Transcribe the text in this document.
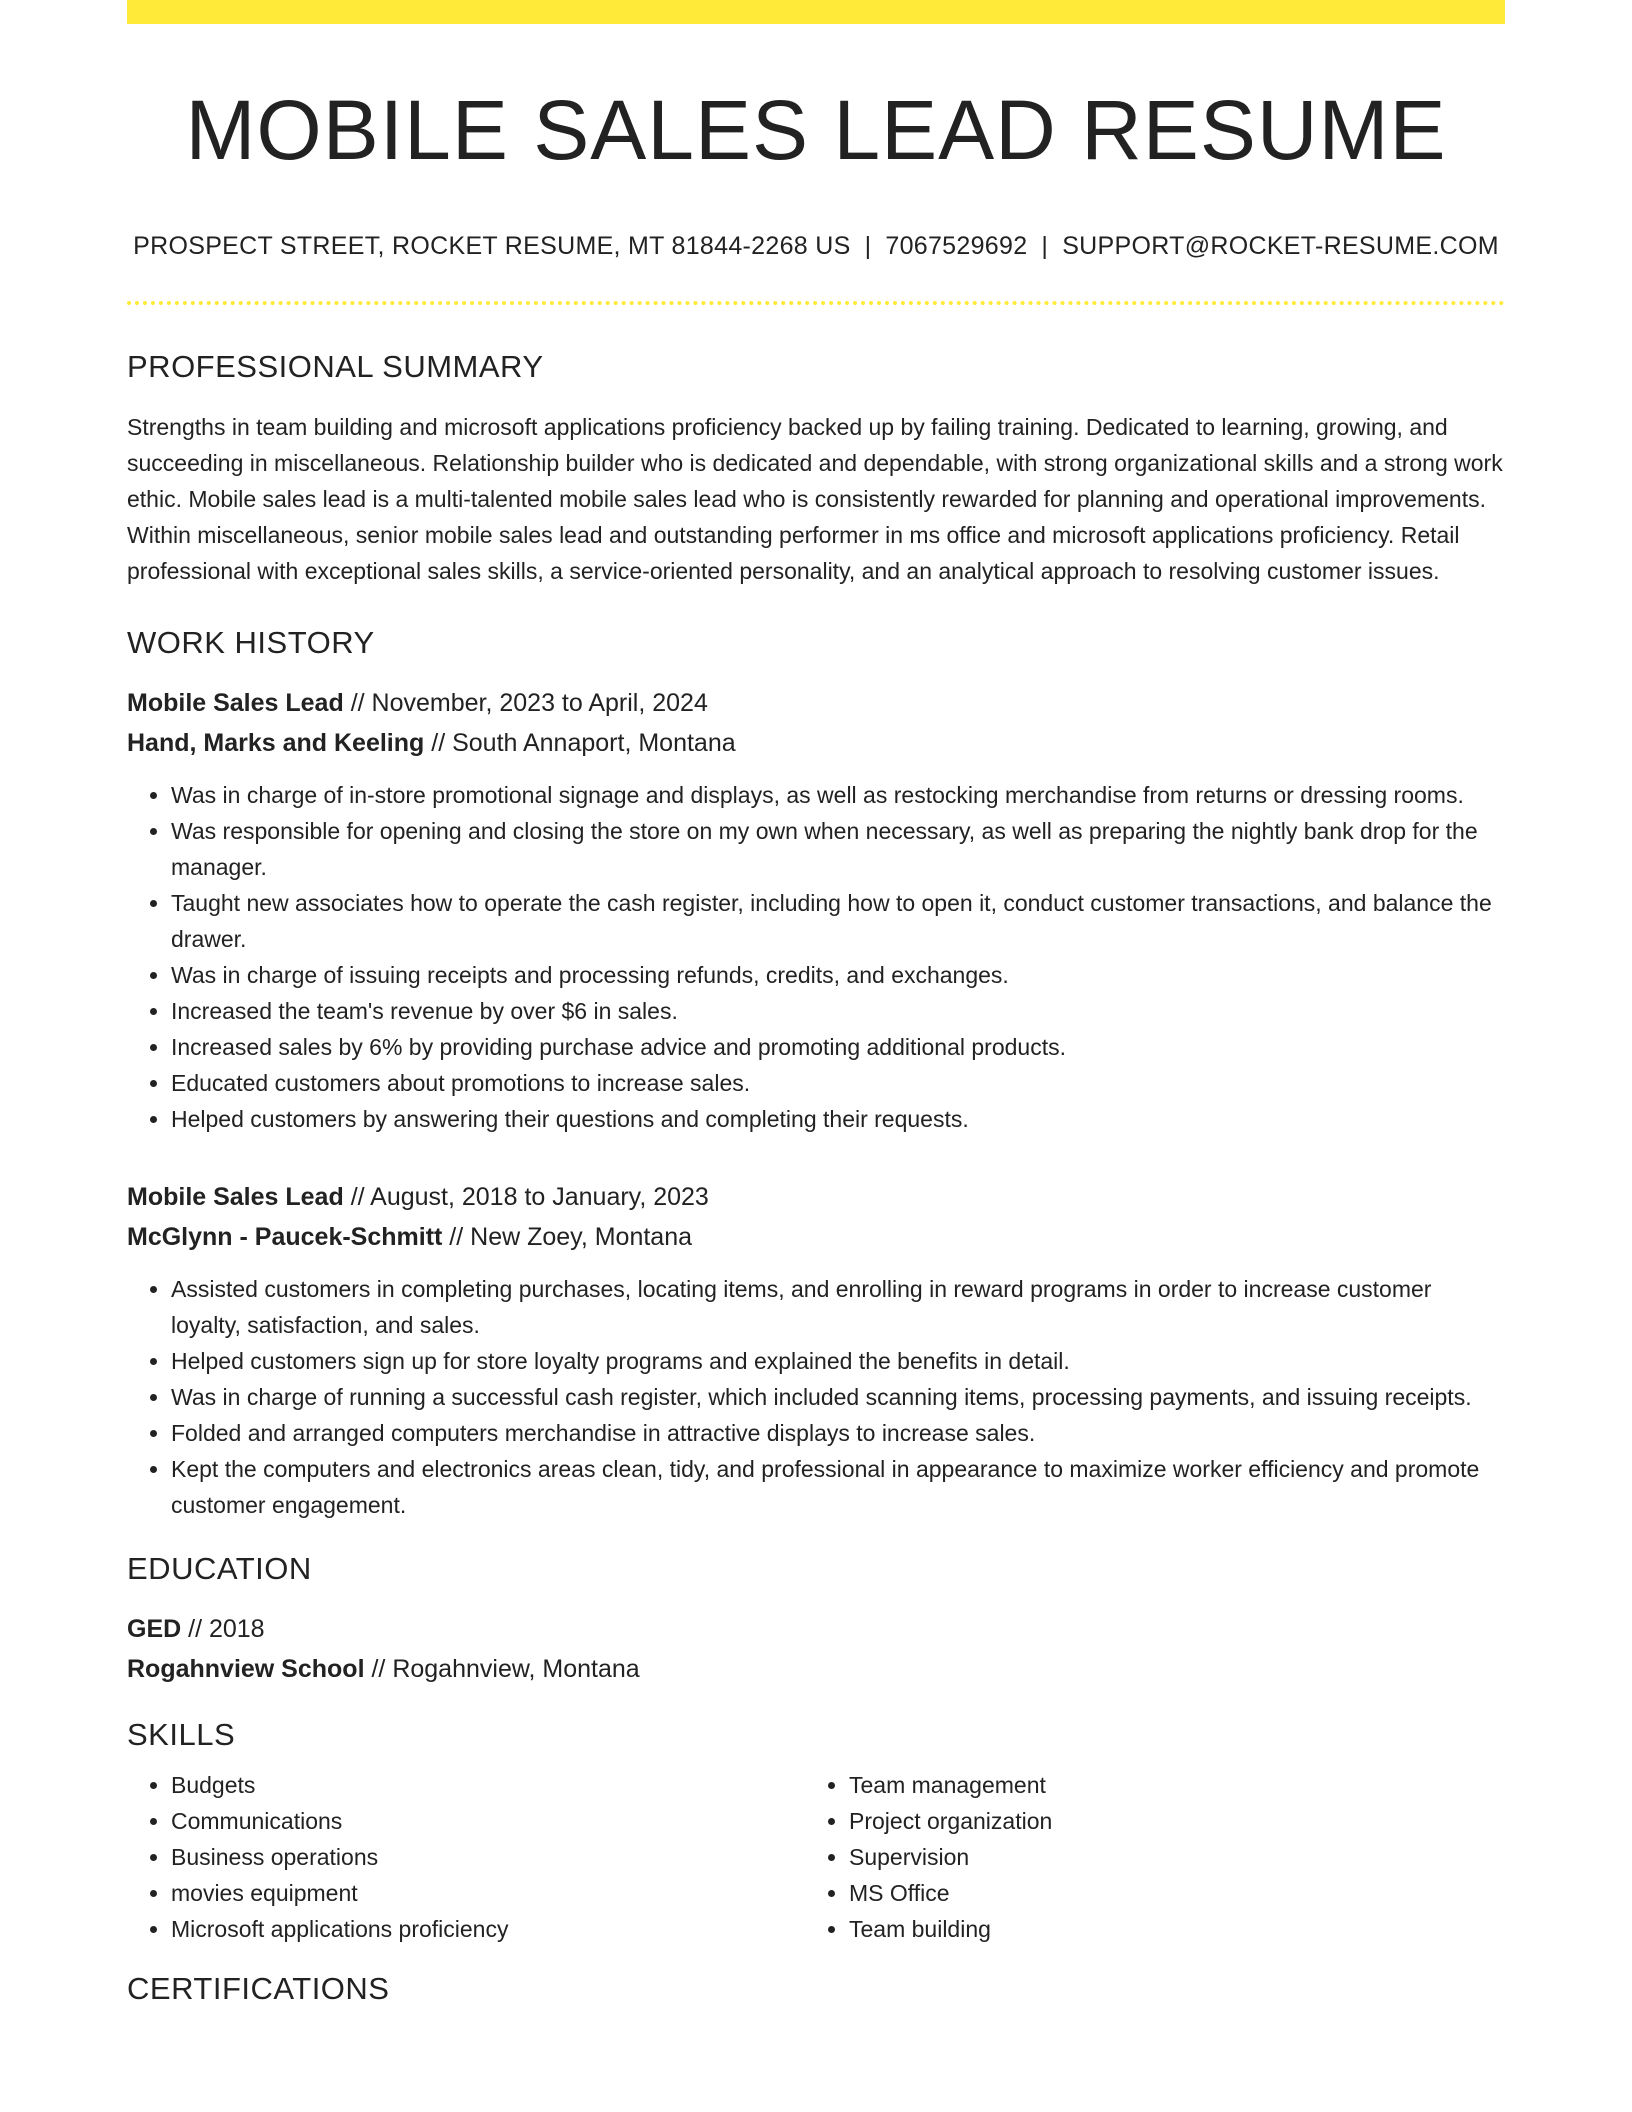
MOBILE SALES LEAD RESUME
PROSPECT STREET, ROCKET RESUME, MT 81844-2268 US | 7067529692 | SUPPORT@ROCKET-RESUME.COM
PROFESSIONAL SUMMARY
Strengths in team building and microsoft applications proficiency backed up by failing training. Dedicated to learning, growing, and succeeding in miscellaneous. Relationship builder who is dedicated and dependable, with strong organizational skills and a strong work ethic. Mobile sales lead is a multi-talented mobile sales lead who is consistently rewarded for planning and operational improvements. Within miscellaneous, senior mobile sales lead and outstanding performer in ms office and microsoft applications proficiency. Retail professional with exceptional sales skills, a service-oriented personality, and an analytical approach to resolving customer issues.
WORK HISTORY
Mobile Sales Lead // November, 2023 to April, 2024
Hand, Marks and Keeling // South Annaport, Montana
• Was in charge of in-store promotional signage and displays, as well as restocking merchandise from returns or dressing rooms.
• Was responsible for opening and closing the store on my own when necessary, as well as preparing the nightly bank drop for the manager.
• Taught new associates how to operate the cash register, including how to open it, conduct customer transactions, and balance the drawer.
• Was in charge of issuing receipts and processing refunds, credits, and exchanges.
• Increased the team's revenue by over $6 in sales.
• Increased sales by 6% by providing purchase advice and promoting additional products.
• Educated customers about promotions to increase sales.
• Helped customers by answering their questions and completing their requests.
Mobile Sales Lead // August, 2018 to January, 2023
McGlynn - Paucek-Schmitt // New Zoey, Montana
• Assisted customers in completing purchases, locating items, and enrolling in reward programs in order to increase customer loyalty, satisfaction, and sales.
• Helped customers sign up for store loyalty programs and explained the benefits in detail.
• Was in charge of running a successful cash register, which included scanning items, processing payments, and issuing receipts.
• Folded and arranged computers merchandise in attractive displays to increase sales.
• Kept the computers and electronics areas clean, tidy, and professional in appearance to maximize worker efficiency and promote customer engagement.
EDUCATION
GED // 2018
Rogahnview School // Rogahnview, Montana
SKILLS
• Budgets
• Communications
• Business operations
• movies equipment
• Microsoft applications proficiency
• Team management
• Project organization
• Supervision
• MS Office
• Team building
CERTIFICATIONS
